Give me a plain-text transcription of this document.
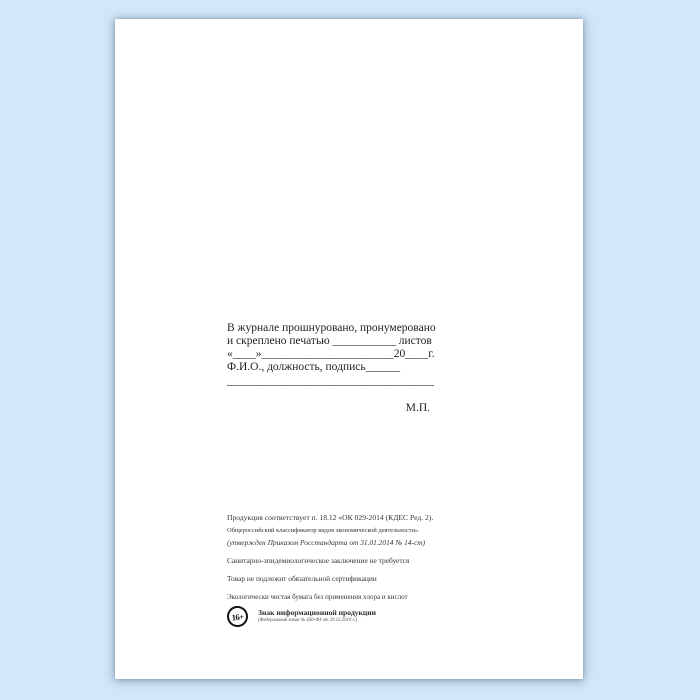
В журнале прошнуровано, пронумеровано
и скреплено печатью ___________ листов
«____»_______________________20____г.
Ф.И.О., должность, подпись______
____________________________________
М.П.
Продукция соответствует п. 18.12 «ОК 029-2014 (КДЕС Ред. 2).
Общероссийский классификатор видов экономической деятельности»
(утвержден Приказом Росстандарта от 31.01.2014 № 14-ст)
Санитарно-эпидемиологическое заключение не требуется
Товар не подлежит обязательной сертификации
Экологически чистая бумага без применения хлора и кислот
16+	Знак информационной продукции
(Федеральный закон № 436-ФЗ от 29.12.2010 г.)
